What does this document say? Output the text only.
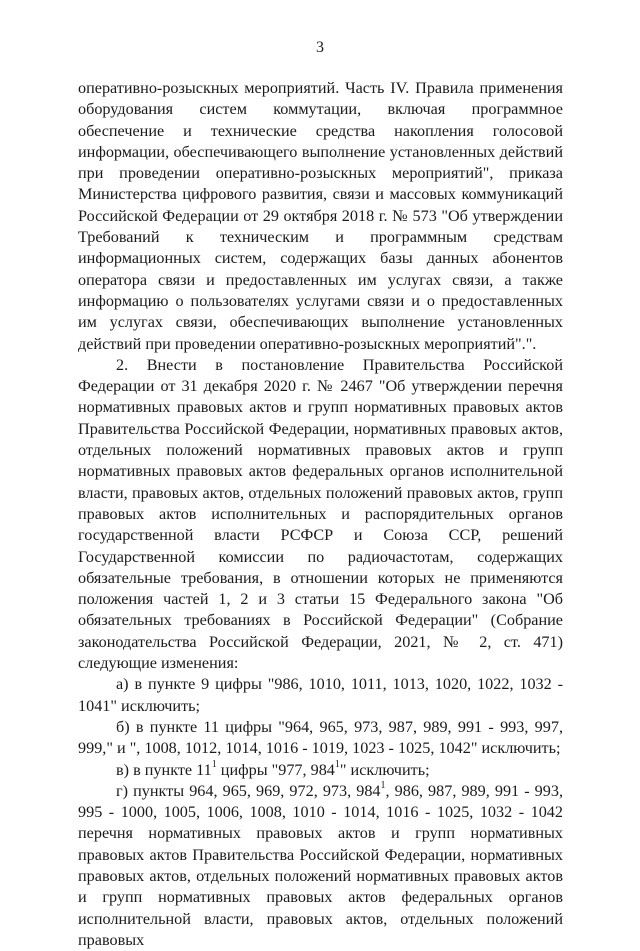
3

оперативно-розыскных мероприятий. Часть IV. Правила применения оборудования систем коммутации, включая программное обеспечение и технические средства накопления голосовой информации, обеспечивающего выполнение установленных действий при проведении оперативно-розыскных мероприятий", приказа Министерства цифрового развития, связи и массовых коммуникаций Российской Федерации от 29 октября 2018 г. № 573 "Об утверждении Требований к техническим и программным средствам информационных систем, содержащих базы данных абонентов оператора связи и предоставленных им услугах связи, а также информацию о пользователях услугами связи и о предоставленных им услугах связи, обеспечивающих выполнение установленных действий при проведении оперативно-розыскных мероприятий".".

2. Внести в постановление Правительства Российской Федерации от 31 декабря 2020 г. № 2467 "Об утверждении перечня нормативных правовых актов и групп нормативных правовых актов Правительства Российской Федерации, нормативных правовых актов, отдельных положений нормативных правовых актов и групп нормативных правовых актов федеральных органов исполнительной власти, правовых актов, отдельных положений правовых актов, групп правовых актов исполнительных и распорядительных органов государственной власти РСФСР и Союза ССР, решений Государственной комиссии по радиочастотам, содержащих обязательные требования, в отношении которых не применяются положения частей 1, 2 и 3 статьи 15 Федерального закона "Об обязательных требованиях в Российской Федерации" (Собрание законодательства Российской Федерации, 2021, № 2, ст. 471) следующие изменения:

а) в пункте 9 цифры "986, 1010, 1011, 1013, 1020, 1022, 1032 - 1041" исключить;

б) в пункте 11 цифры "964, 965, 973, 987, 989, 991 - 993, 997, 999," и ", 1008, 1012, 1014, 1016 - 1019, 1023 - 1025, 1042" исключить;

в) в пункте $11^1$ цифры "977, $984^1$" исключить;

г) пункты 964, 965, 969, 972, 973, $984^1$, 986, 987, 989, 991 - 993, 995 - 1000, 1005, 1006, 1008, 1010 - 1014, 1016 - 1025, 1032 - 1042 перечня нормативных правовых актов и групп нормативных правовых актов Правительства Российской Федерации, нормативных правовых актов, отдельных положений нормативных правовых актов и групп нормативных правовых актов федеральных органов исполнительной власти, правовых актов, отдельных положений правовых
